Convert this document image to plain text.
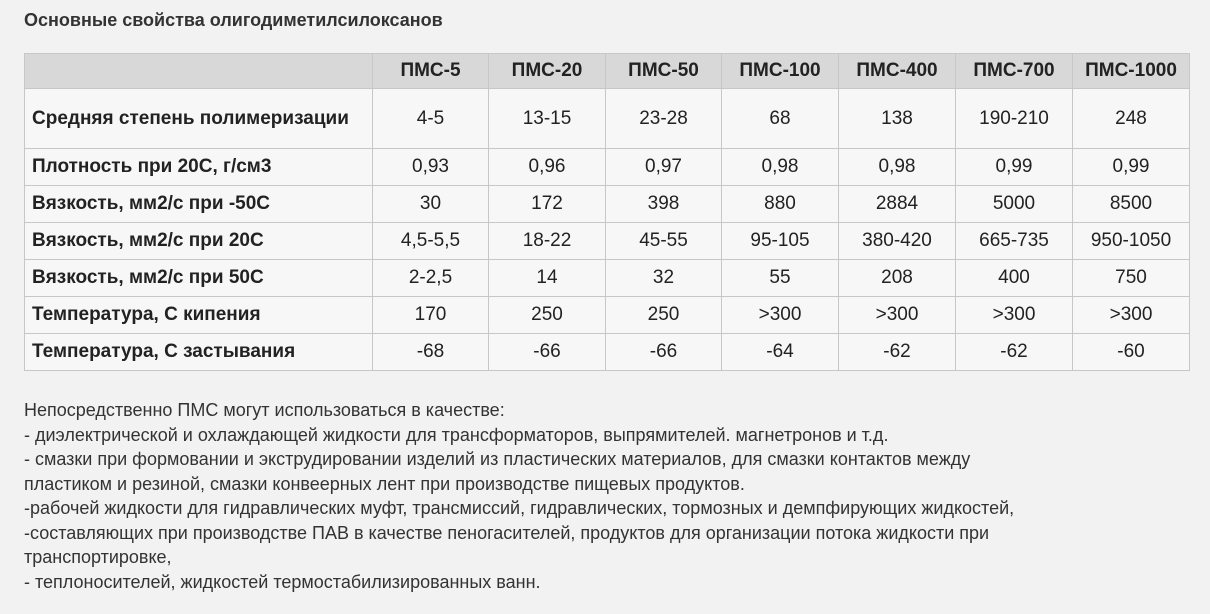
Основные свойства олигодиметилсилоксанов
	ПМС-5	ПМС-20	ПМС-50	ПМС-100	ПМС-400	ПМС-700	ПМС-1000
Средняя степень полимеризации	4-5	13-15	23-28	68	138	190-210	248
Плотность при 20С, г/см3	0,93	0,96	0,97	0,98	0,98	0,99	0,99
Вязкость, мм2/с при -50С	30	172	398	880	2884	5000	8500
Вязкость, мм2/с при 20С	4,5-5,5	18-22	45-55	95-105	380-420	665-735	950-1050
Вязкость, мм2/с при 50С	2-2,5	14	32	55	208	400	750
Температура, С кипения	170	250	250	>300	>300	>300	>300
Температура, С застывания	-68	-66	-66	-64	-62	-62	-60

Непосредственно ПМС могут использоваться в качестве:

- диэлектрической и охлаждающей жидкости для трансформаторов, выпрямителей. магнетронов и т.д.

- смазки при формовании и экструдировании изделий из пластических материалов, для смазки контактов между

пластиком и резиной, смазки конвеерных лент при производстве пищевых продуктов.

-рабочей жидкости для гидравлических муфт, трансмиссий, гидравлических, тормозных и демпфирующих жидкостей,

-составляющих при производстве ПАВ в качестве пеногасителей, продуктов для организации потока жидкости при

транспортировке,

- теплоносителей, жидкостей термостабилизированных ванн.
